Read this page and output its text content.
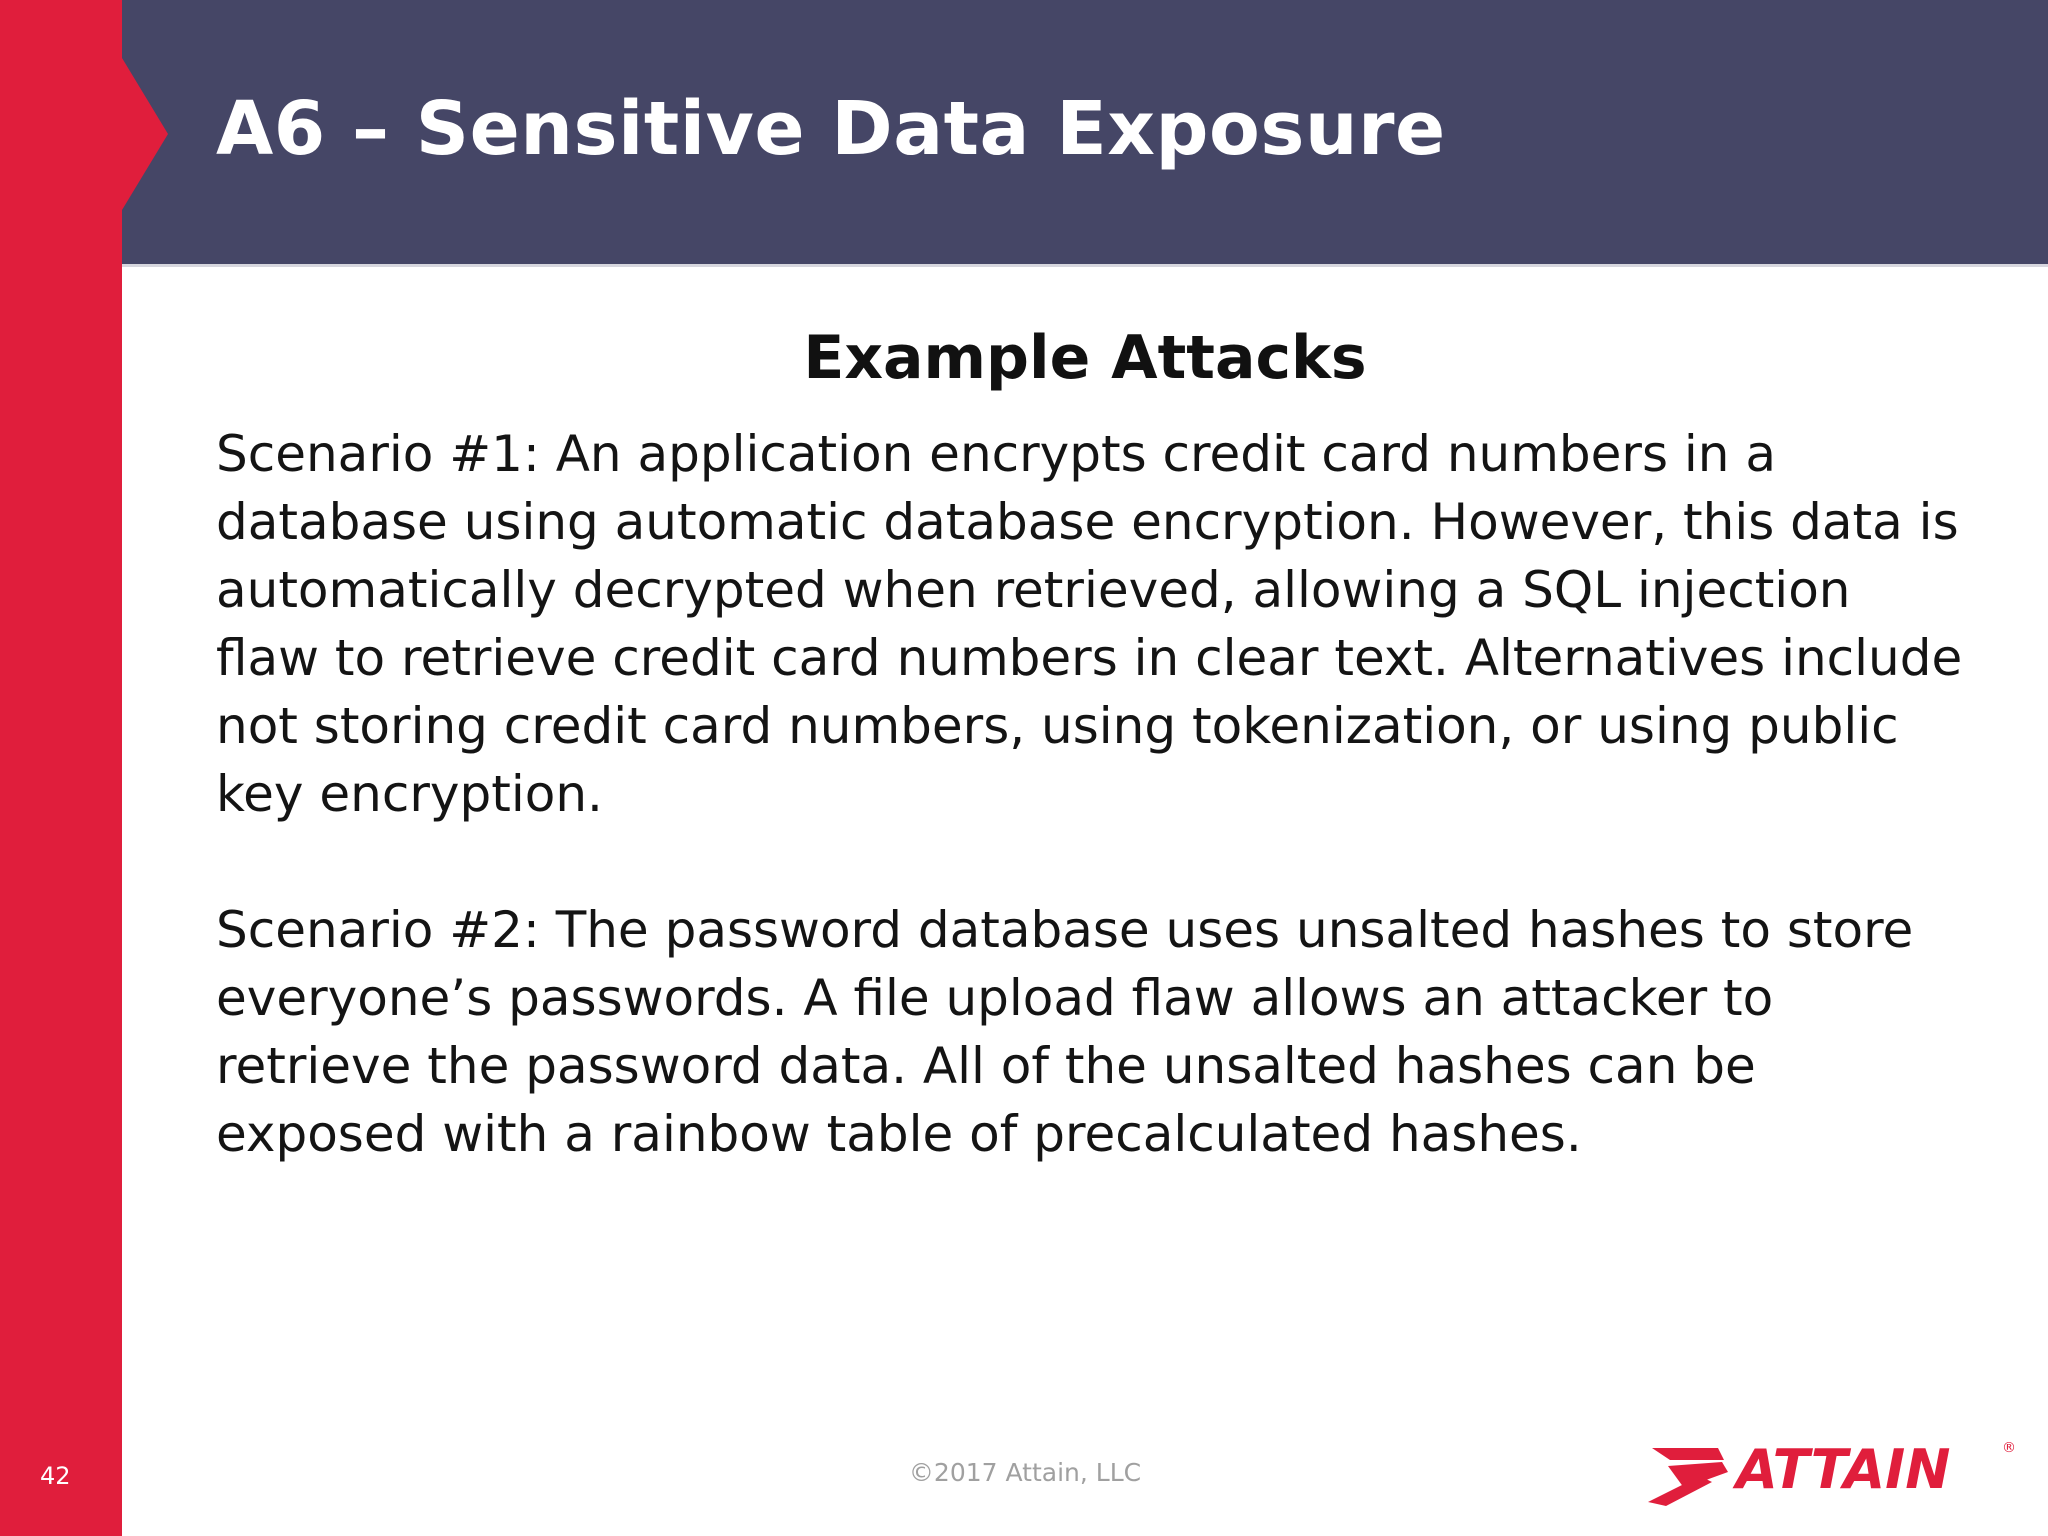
A6 – Sensitive Data Exposure
Example Attacks

Scenario #1: An application encrypts credit card numbers in a
database using automatic database encryption. However, this data is
automatically decrypted when retrieved, allowing a SQL injection
flaw to retrieve credit card numbers in clear text. Alternatives include
not storing credit card numbers, using tokenization, or using public
key encryption.

Scenario #2: The password database uses unsalted hashes to store
everyone’s passwords. A file upload flaw allows an attacker to
retrieve the password data. All of the unsalted hashes can be
exposed with a rainbow table of precalculated hashes.

42	©2017 Attain, LLC	ATTAIN	®
